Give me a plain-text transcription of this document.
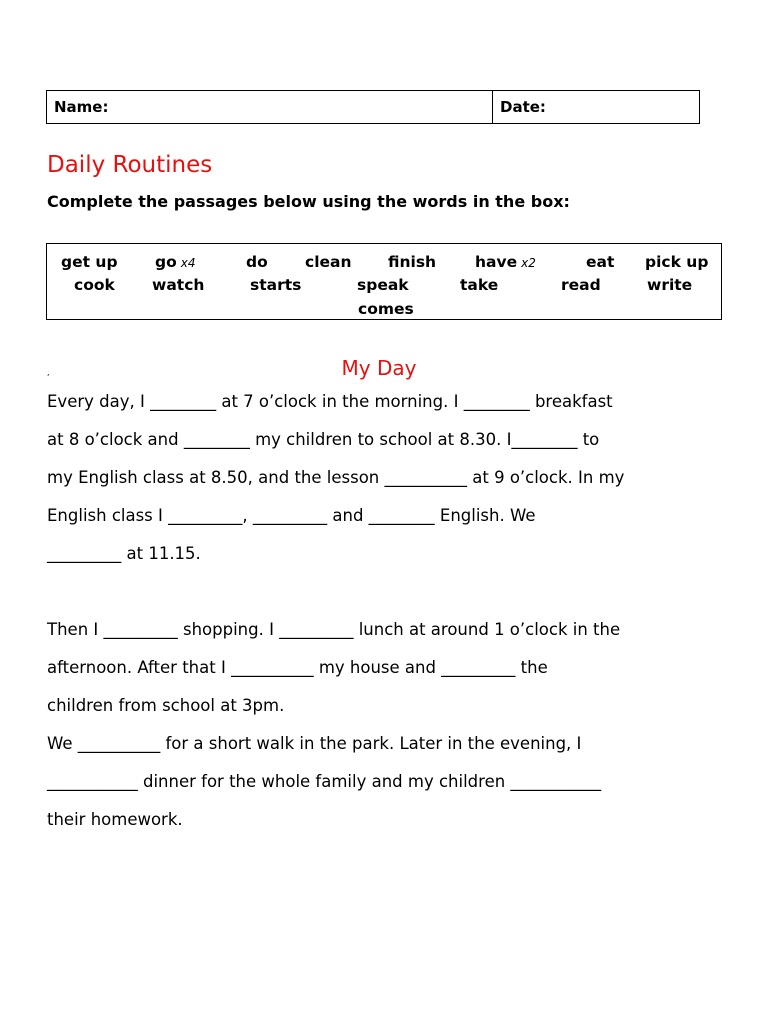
Name:	Date:
Daily Routines

Complete the passages below using the words in the box:

get up go x4	do clean finish	have x2	eat pick up
cook watch	starts	speak	take	read	write
comes
,	My Day
Every day, I ________ at 7 o’clock in the morning. I ________ breakfast
at 8 o’clock and ________ my children to school at 8.30. I________ to
my English class at 8.50, and the lesson __________ at 9 o’clock. In my
English class I _________, _________ and ________ English. We
_________ at 11.15.
Then I _________ shopping. I _________ lunch at around 1 o’clock in the
afternoon. After that I __________ my house and _________ the
children from school at 3pm.
We __________ for a short walk in the park. Later in the evening, I
___________ dinner for the whole family and my children ___________
their homework.
